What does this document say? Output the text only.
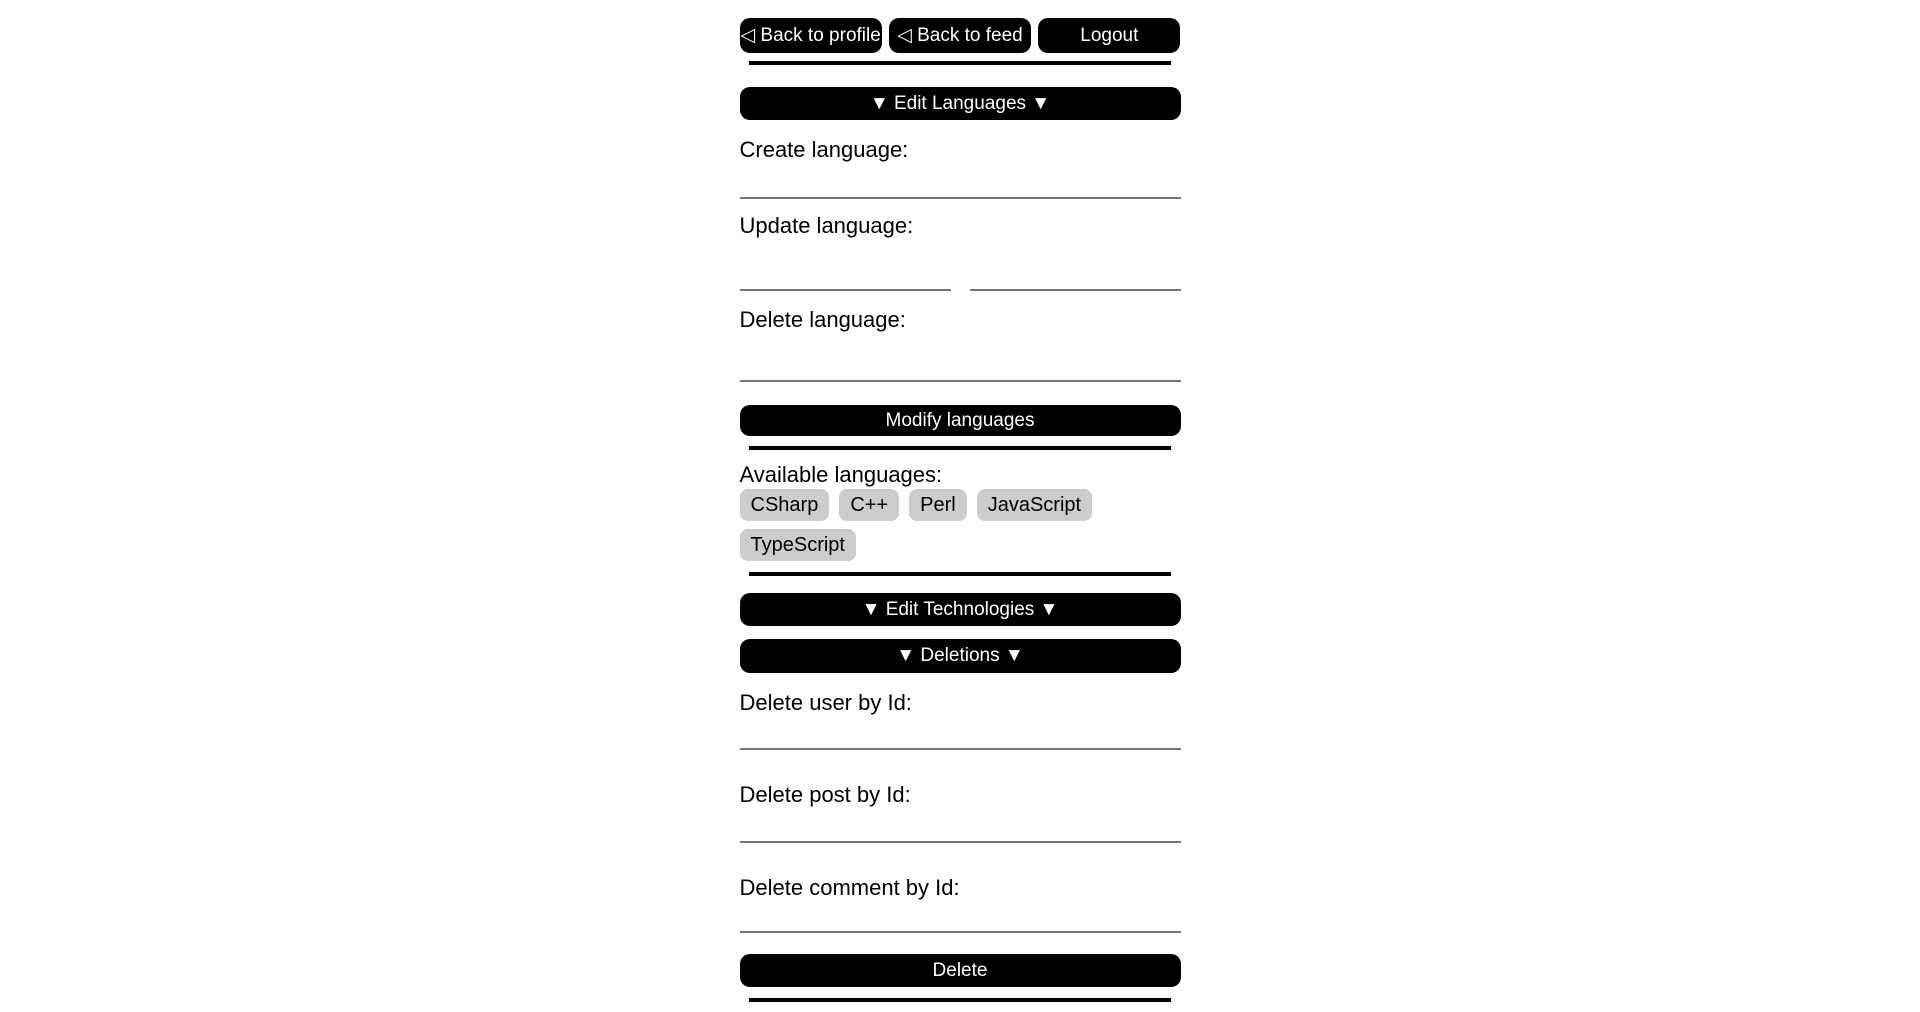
◁ Back to profile ◁ Back to feed	Logout
▼ Edit Languages ▼
Create language:
Update language:
Delete language:
Modify languages
Available languages:
CSharp	C++	Perl	JavaScript
TypeScript
▼ Edit Technologies ▼
▼ Deletions ▼
Delete user by Id:
Delete post by Id:
Delete comment by Id:
Delete
